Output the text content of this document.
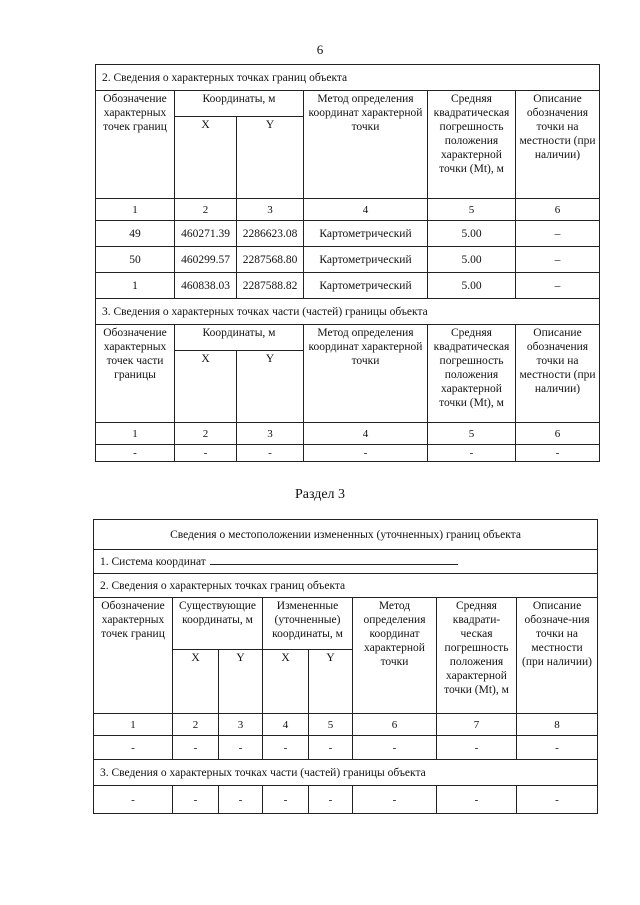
6
2. Сведения о характерных точках границ объекта					
Обозначение характерных точек границ	Координаты, м		Метод определения координат характерной точки	Средняя квадратическая погрешность положения характерной точки (Mt), м	Описание обозначения точки на местности (при наличии)
	X	Y			
1	2	3	4	5	6
49	460271.39	2286623.08	Картометрический	5.00	–
50	460299.57	2287568.80	Картометрический	5.00	–
1	460838.03	2287588.82	Картометрический	5.00	–
3. Сведения о характерных точках части (частей) границы объекта					
Обозначение характерных точек части границы	Координаты, м		Метод определения координат характерной точки	Средняя квадратическая погрешность положения характерной точки (Mt), м	Описание обозначения точки на местности (при наличии)
	X	Y			
1	2	3	4	5	6
-	-	-	-	-	-
Раздел 3
Сведения о местоположении измененных (уточненных) границ объекта							
1. Система координат							
2. Сведения о характерных точках границ объекта							
Обозначение характерных точек границ	Существующие координаты, м		Измененные (уточненные) координаты, м		Метод определения координат характерной точки	Средняя квадрати-ческая погрешность положения характерной точки (Mt), м	Описание обозначе-ния точки на местности (при наличии)
	X	Y	X	Y			
1	2	3	4	5	6	7	8
-	-	-	-	-	-	-	-
3. Сведения о характерных точках части (частей) границы объекта							
-	-	-	-	-	-	-	-
